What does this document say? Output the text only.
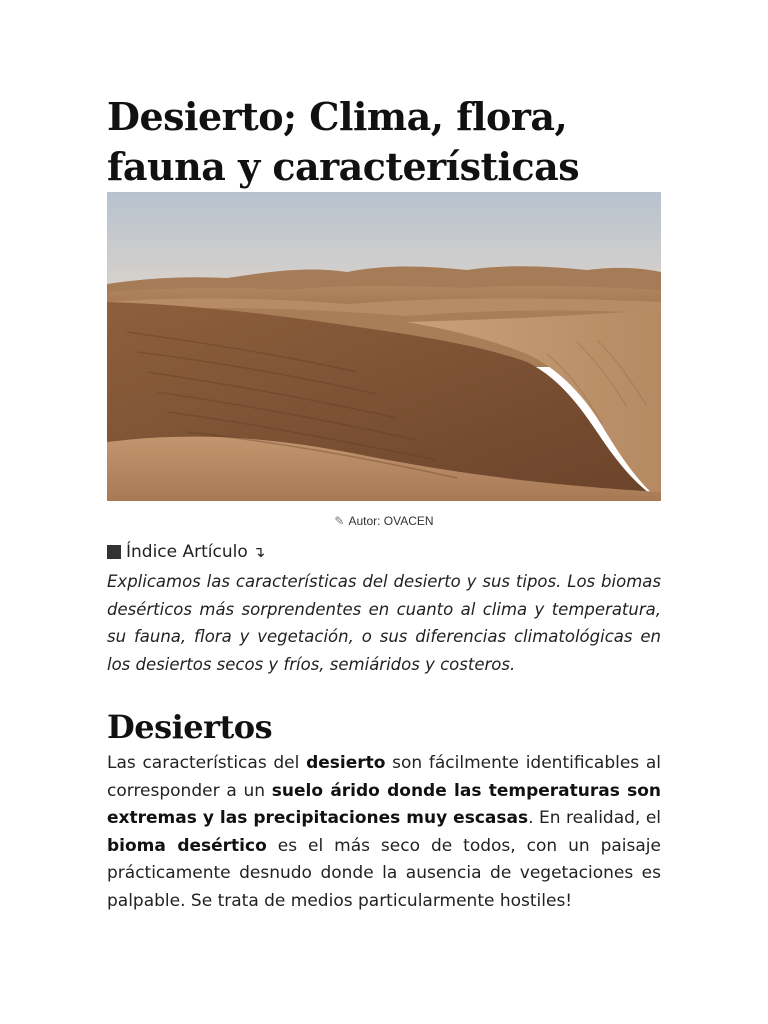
Desierto; Clima, flora, fauna y características
✎ Autor: OVACEN
Índice Artículo ↴

Explicamos las características del desierto y sus tipos. Los biomas desérticos más sorprendentes en cuanto al clima y temperatura, su fauna, flora y vegetación, o sus diferencias climatológicas en los desiertos secos y fríos, semiáridos y costeros.

Desiertos

Las características del desierto son fácilmente identificables al corresponder a un suelo árido donde las temperaturas son extremas y las precipitaciones muy escasas. En realidad, el bioma desértico es el más seco de todos, con un paisaje prácticamente desnudo donde la ausencia de vegetaciones es palpable. Se trata de medios particularmente hostiles!
